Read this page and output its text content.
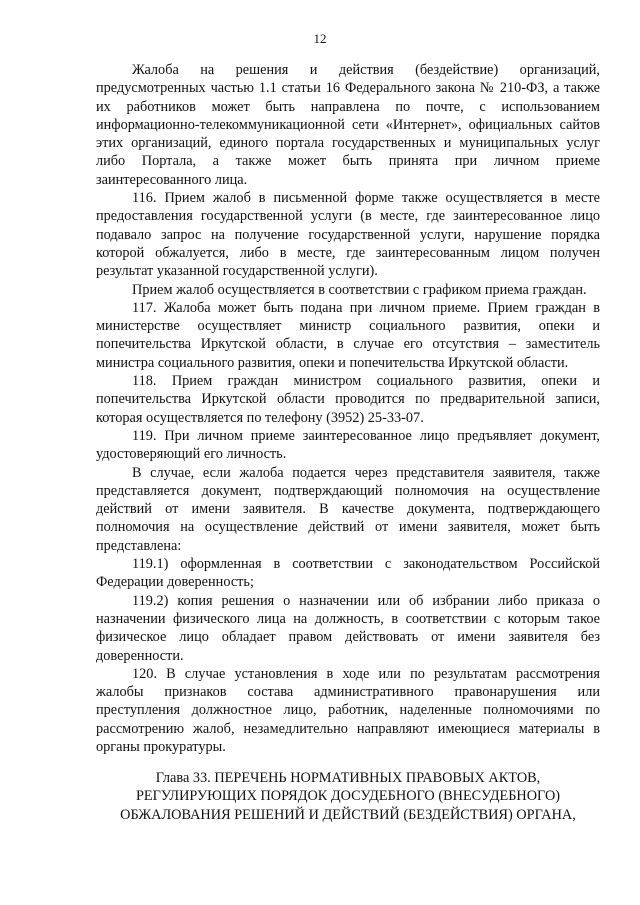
12

Жалоба на решения и действия (бездействие) организаций, предусмотренных частью 1.1 статьи 16 Федерального закона № 210-ФЗ, а также их работников может быть направлена по почте, с использованием информационно-телекоммуникационной сети «Интернет», официальных сайтов этих организаций, единого портала государственных и муниципальных услуг либо Портала, а также может быть принята при личном приеме заинтересованного лица.

116. Прием жалоб в письменной форме также осуществляется в месте предоставления государственной услуги (в месте, где заинтересованное лицо подавало запрос на получение государственной услуги, нарушение порядка которой обжалуется, либо в месте, где заинтересованным лицом получен результат указанной государственной услуги).

Прием жалоб осуществляется в соответствии с графиком приема граждан.

117. Жалоба может быть подана при личном приеме. Прием граждан в министерстве осуществляет министр социального развития, опеки и попечительства Иркутской области, в случае его отсутствия – заместитель министра социального развития, опеки и попечительства Иркутской области.

118. Прием граждан министром социального развития, опеки и попечительства Иркутской области проводится по предварительной записи, которая осуществляется по телефону (3952) 25-33-07.

119. При личном приеме заинтересованное лицо предъявляет документ, удостоверяющий его личность.

В случае, если жалоба подается через представителя заявителя, также представляется документ, подтверждающий полномочия на осуществление действий от имени заявителя. В качестве документа, подтверждающего полномочия на осуществление действий от имени заявителя, может быть представлена:

119.1) оформленная в соответствии с законодательством Российской Федерации доверенность;

119.2) копия решения о назначении или об избрании либо приказа о назначении физического лица на должность, в соответствии с которым такое физическое лицо обладает правом действовать от имени заявителя без доверенности.

120. В случае установления в ходе или по результатам рассмотрения жалобы признаков состава административного правонарушения или преступления должностное лицо, работник, наделенные полномочиями по рассмотрению жалоб, незамедлительно направляют имеющиеся материалы в органы прокуратуры.

Глава 33. ПЕРЕЧЕНЬ НОРМАТИВНЫХ ПРАВОВЫХ АКТОВ,
РЕГУЛИРУЮЩИХ ПОРЯДОК ДОСУДЕБНОГО (ВНЕСУДЕБНОГО)
ОБЖАЛОВАНИЯ РЕШЕНИЙ И ДЕЙСТВИЙ (БЕЗДЕЙСТВИЯ) ОРГАНА,
